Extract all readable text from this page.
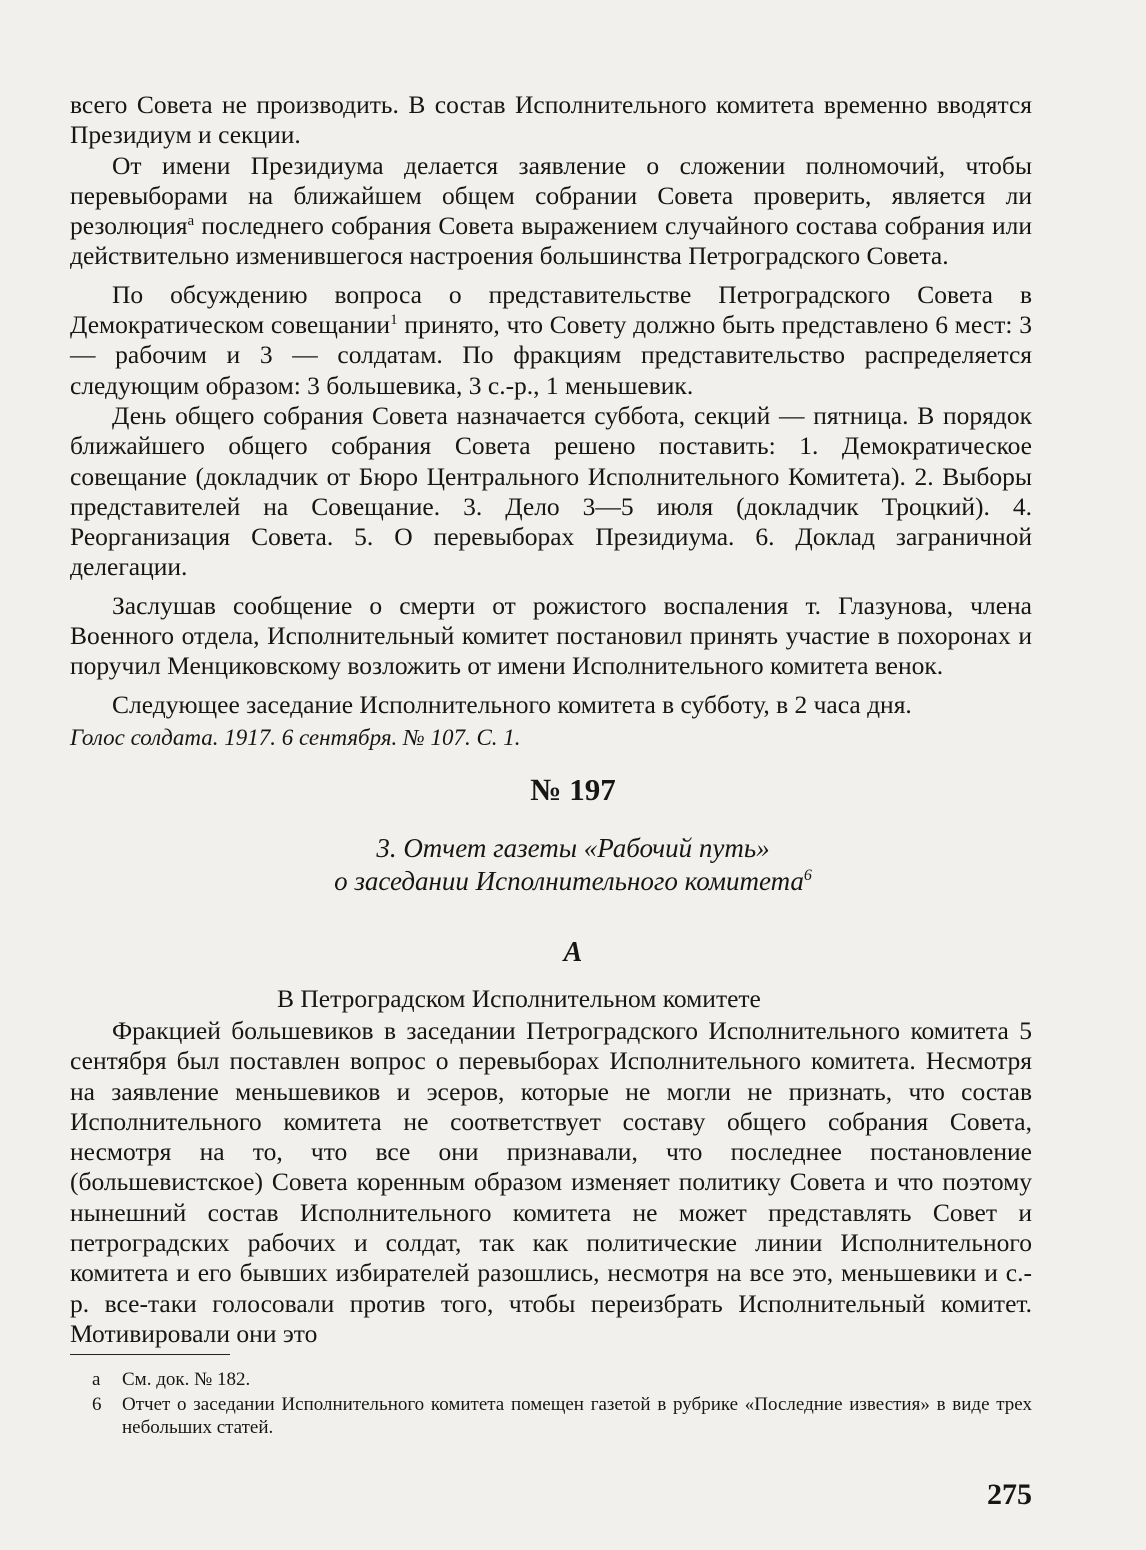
всего Совета не производить. В состав Исполнительного комитета временно вводятся Президиум и секции.

От имени Президиума делается заявление о сложении полномочий, чтобы перевыборами на ближайшем общем собрании Совета проверить, является ли резолюция$^а$ последнего собрания Совета выражением случайного состава собрания или действительно изменившегося настроения большинства Петроградского Совета.

По обсуждению вопроса о представительстве Петроградского Совета в Демократическом совещании$^1$ принято, что Совету должно быть представлено 6 мест: 3 — рабочим и 3 — солдатам. По фракциям представительство распределяется следующим образом: 3 большевика, 3 с.-р., 1 меньшевик.

День общего собрания Совета назначается суббота, секций — пятница. В порядок ближайшего общего собрания Совета решено поставить: 1. Демократическое совещание (докладчик от Бюро Центрального Исполнительного Комитета). 2. Выборы представителей на Совещание. 3. Дело 3—5 июля (докладчик Троцкий). 4. Реорганизация Совета. 5. О перевыборах Президиума. 6. Доклад заграничной делегации.

Заслушав сообщение о смерти от рожистого воспаления т. Глазунова, члена Военного отдела, Исполнительный комитет постановил принять участие в похоронах и поручил Менциковскому возложить от имени Исполнительного комитета венок.

Следующее заседание Исполнительного комитета в субботу, в 2 часа дня.

Голос солдата. 1917. 6 сентября. № 107. С. 1.
№ 197
3. Отчет газеты «Рабочий путь»
о заседании Исполнительного комитета$^6$
А
В Петроградском Исполнительном комитете

Фракцией большевиков в заседании Петроградского Исполнительного комитета 5 сентября был поставлен вопрос о перевыборах Исполнительного комитета. Несмотря на заявление меньшевиков и эсеров, которые не могли не признать, что состав Исполнительного комитета не соответствует составу общего собрания Совета, несмотря на то, что все они признавали, что последнее постановление (большевистское) Совета коренным образом изменяет политику Совета и что поэтому нынешний состав Исполнительного комитета не может представлять Совет и петроградских рабочих и солдат, так как политические линии Исполнительного комитета и его бывших избирателей разошлись, несмотря на все это, меньшевики и с.-р. все-таки голосовали против того, чтобы переизбрать Исполнительный комитет. Мотивировали они это

а	См. док. № 182.
6	Отчет о заседании Исполнительного комитета помещен газетой в рубрике «Последние известия» в виде трех небольших статей.
275
